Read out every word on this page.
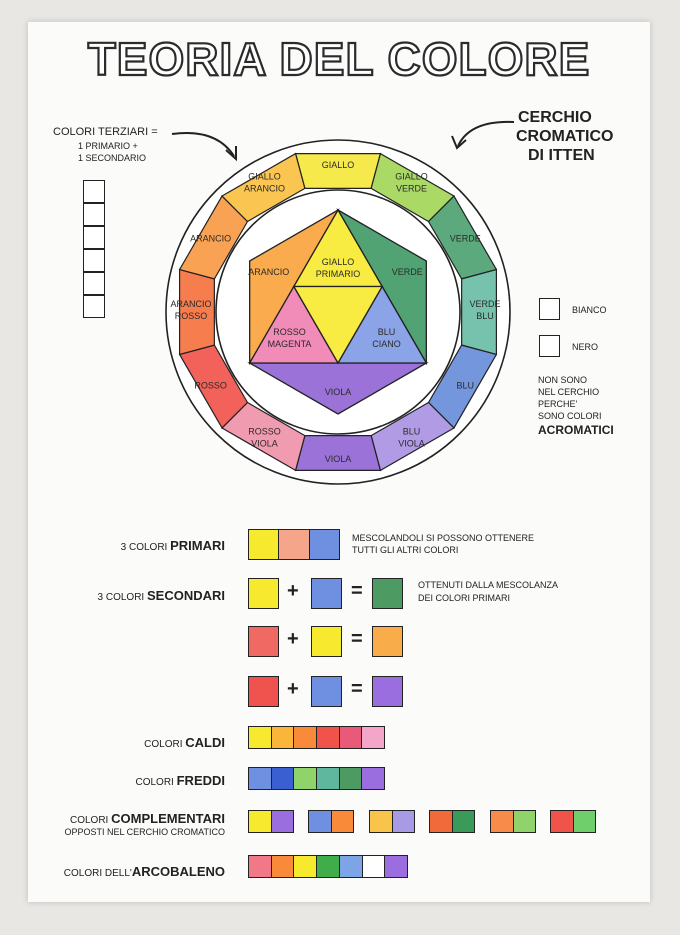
TEORIA DEL COLORE
COLORI TERZIARI =
1 PRIMARIO +
1 SECONDARIO
CERCHIO
CROMATICO
DI ITTEN
GIALLO
GIALLO
VERDE
VERDE
VERDE
BLU
BLU
BLU
VIOLA
VIOLA
ROSSO
VIOLA
ROSSO
ARANCIO
ROSSO
ARANCIO
GIALLO
ARANCIO
GIALLO
PRIMARIO
BLU
CIANO
ROSSO
MAGENTA
VERDE
VIOLA
ARANCIO
BIANCO
NERO
NON SONO
NEL CERCHIO
PERCHE'
SONO COLORI
ACROMATICI
3 COLORI PRIMARI	MESCOLANDOLI SI POSSONO OTTENERE
TUTTI GLI ALTRI COLORI
3 COLORI SECONDARI
OTTENUTI DALLA MESCOLANZA
DEI COLORI PRIMARI
+	=
+	=
+	=
COLORI CALDI
COLORI FREDDI
COLORI COMPLEMENTARI
OPPOSTI NEL CERCHIO CROMATICO
COLORI DELL'ARCOBALENO
